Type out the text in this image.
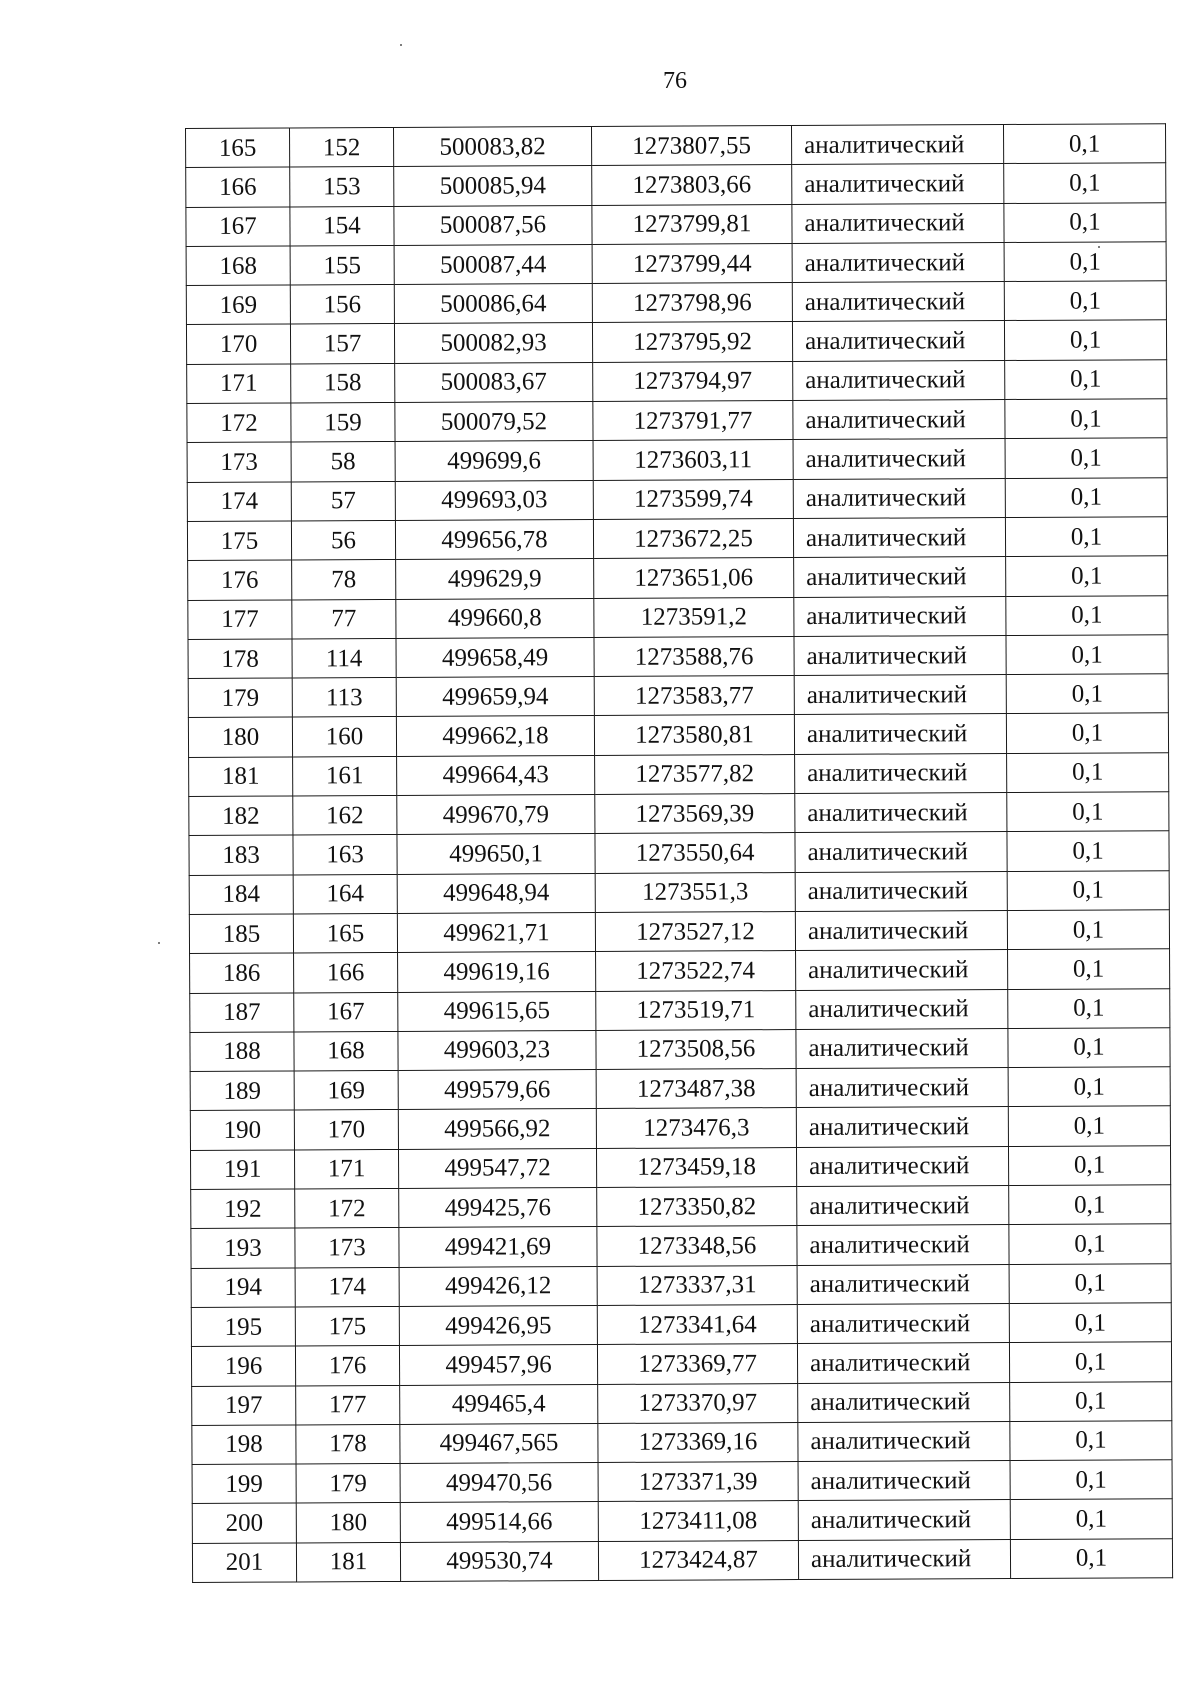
76
165	152	500083,82	1273807,55	аналитический	0,1
166	153	500085,94	1273803,66	аналитический	0,1
167	154	500087,56	1273799,81	аналитический	0,1
168	155	500087,44	1273799,44	аналитический	0,1
169	156	500086,64	1273798,96	аналитический	0,1
170	157	500082,93	1273795,92	аналитический	0,1
171	158	500083,67	1273794,97	аналитический	0,1
172	159	500079,52	1273791,77	аналитический	0,1
173	58	499699,6	1273603,11	аналитический	0,1
174	57	499693,03	1273599,74	аналитический	0,1
175	56	499656,78	1273672,25	аналитический	0,1
176	78	499629,9	1273651,06	аналитический	0,1
177	77	499660,8	1273591,2	аналитический	0,1
178	114	499658,49	1273588,76	аналитический	0,1
179	113	499659,94	1273583,77	аналитический	0,1
180	160	499662,18	1273580,81	аналитический	0,1
181	161	499664,43	1273577,82	аналитический	0,1
182	162	499670,79	1273569,39	аналитический	0,1
183	163	499650,1	1273550,64	аналитический	0,1
184	164	499648,94	1273551,3	аналитический	0,1
185	165	499621,71	1273527,12	аналитический	0,1
186	166	499619,16	1273522,74	аналитический	0,1
187	167	499615,65	1273519,71	аналитический	0,1
188	168	499603,23	1273508,56	аналитический	0,1
189	169	499579,66	1273487,38	аналитический	0,1
190	170	499566,92	1273476,3	аналитический	0,1
191	171	499547,72	1273459,18	аналитический	0,1
192	172	499425,76	1273350,82	аналитический	0,1
193	173	499421,69	1273348,56	аналитический	0,1
194	174	499426,12	1273337,31	аналитический	0,1
195	175	499426,95	1273341,64	аналитический	0,1
196	176	499457,96	1273369,77	аналитический	0,1
197	177	499465,4	1273370,97	аналитический	0,1
198	178	499467,565	1273369,16	аналитический	0,1
199	179	499470,56	1273371,39	аналитический	0,1
200	180	499514,66	1273411,08	аналитический	0,1
201	181	499530,74	1273424,87	аналитический	0,1
